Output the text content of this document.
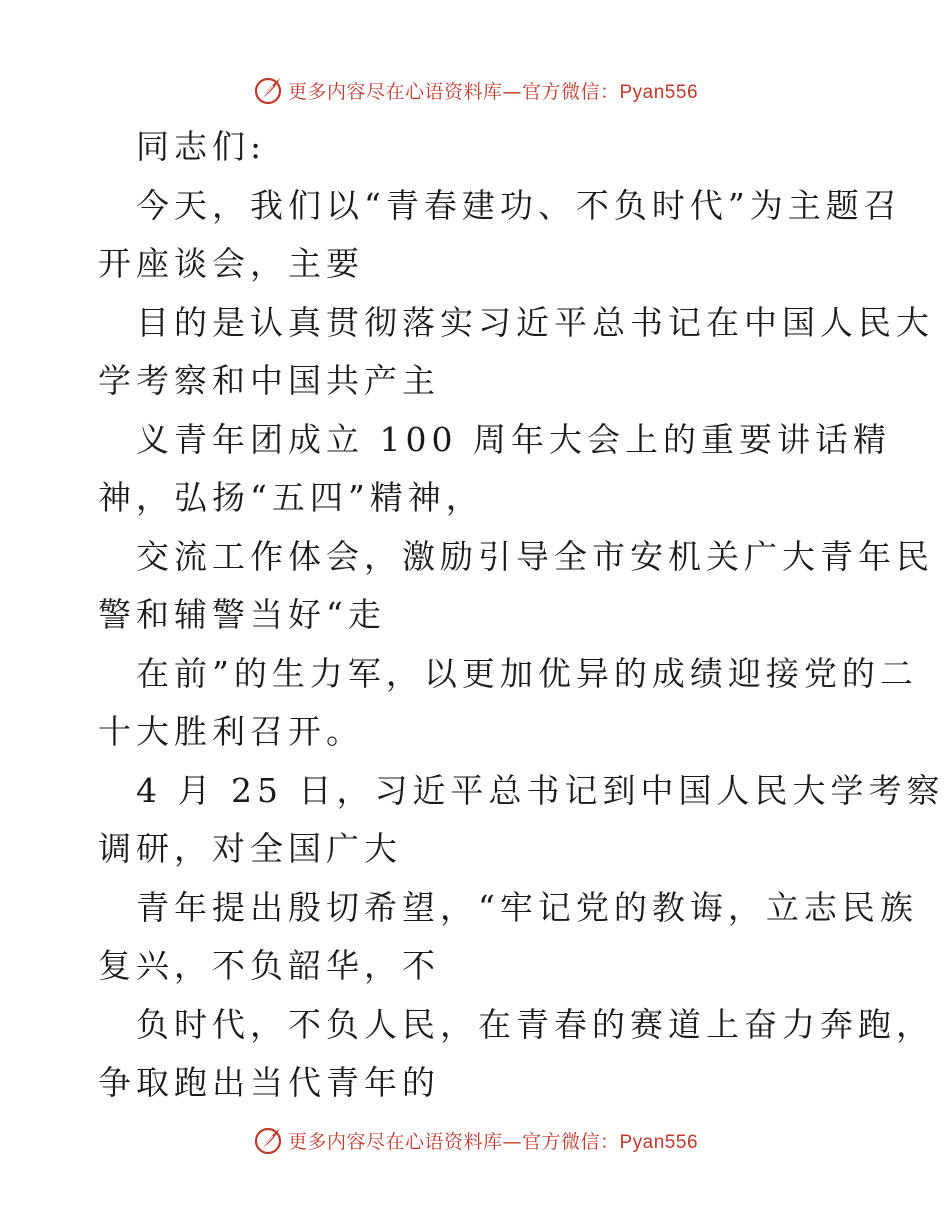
更多内容尽在心语资料库—官方微信：Pyan556
同志们:
今天，我们以“青春建功、不负时代”为主题召
开座谈会，主要
目的是认真贯彻落实习近平总书记在中国人民大
学考察和中国共产主
义青年团成立 100 周年大会上的重要讲话精
神，弘扬“五四”精神，
交流工作体会，激励引导全市安机关广大青年民
警和辅警当好“走
在前”的生力军，以更加优异的成绩迎接党的二
十大胜利召开。
4 月 25 日，习近平总书记到中国人民大学考察
调研，对全国广大
青年提出殷切希望，“牢记党的教诲，立志民族
复兴，不负韶华，不
负时代，不负人民，在青春的赛道上奋力奔跑，
争取跑出当代青年的
更多内容尽在心语资料库—官方微信：Pyan556
